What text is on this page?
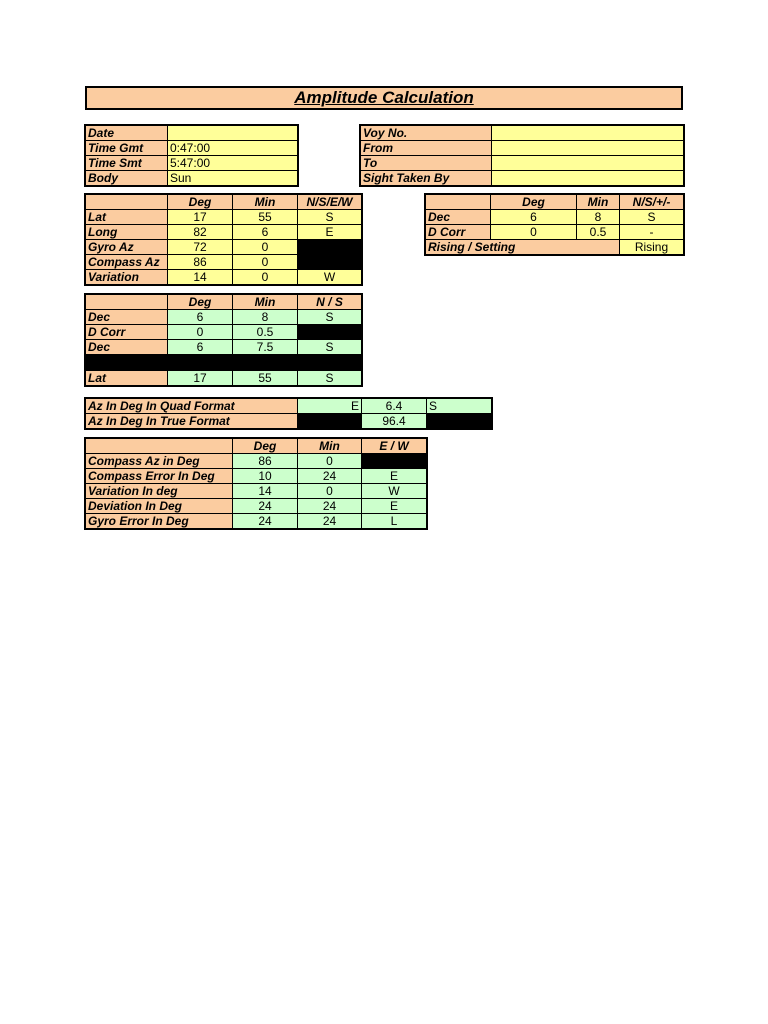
Amplitude Calculation
Date	
Time Gmt	0:47:00
Time Smt	5:47:00
Body	Sun
Voy No.	
From	
To	
Sight Taken By	
	Deg	Min	N/S/E/W
Lat	17	55	S
Long	82	6	E
Gyro Az	72	0	
Compass Az	86	0	
Variation	14	0	W
	Deg	Min	N/S/+/-
Dec	6	8	S
D Corr	0	0.5	-
Rising / Setting			Rising
	Deg	Min	N / S
Dec	6	8	S
D Corr	0	0.5	
Dec	6	7.5	S

Lat	17	55	S
Az In Deg In Quad Format	E	6.4	S
Az In Deg In True Format		96.4	
	Deg	Min	E / W
Compass Az in Deg	86	0	
Compass Error In Deg	10	24	E
Variation In deg	14	0	W
Deviation In Deg	24	24	E
Gyro Error In Deg	24	24	L
